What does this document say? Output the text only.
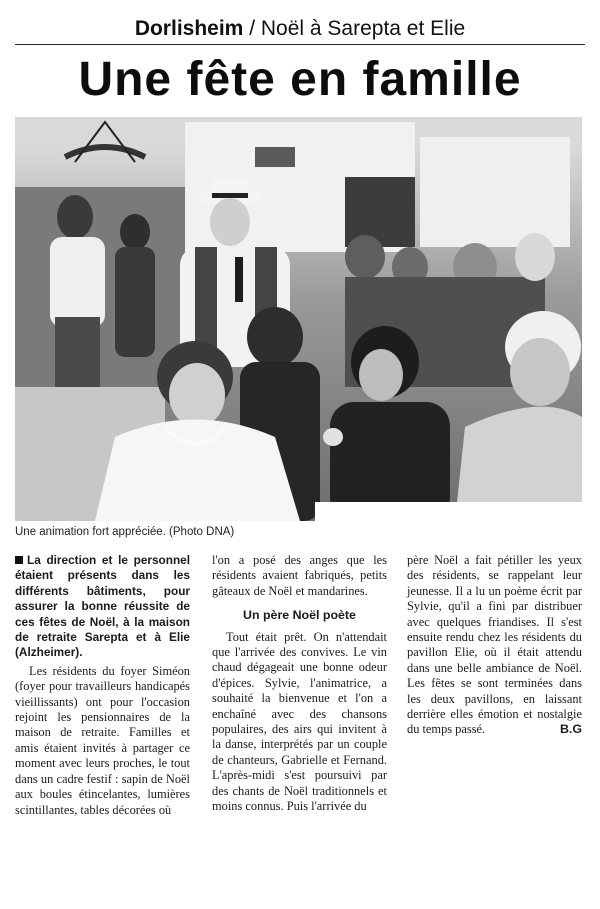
Dorlisheim / Noël à Sarepta et Elie
Une fête en famille
Une animation fort appréciée. (Photo DNA)

La direction et le personnel étaient présents dans les différents bâtiments, pour assurer la bonne réussite de ces fêtes de Noël, à la maison de retraite Sarepta et à Elie (Alzheimer).

Les résidents du foyer Siméon (foyer pour travailleurs handicapés vieillissants) ont pour l'occasion rejoint les pensionnaires de la maison de retraite. Familles et amis étaient invités à partager ce moment avec leurs proches, le tout dans un cadre festif : sapin de Noël aux boules étincelantes, lumières scintillantes, tables décorées où

l'on a posé des anges que les résidents avaient fabriqués, petits gâteaux de Noël et mandarines.

Un père Noël poète

Tout était prêt. On n'attendait que l'arrivée des convives. Le vin chaud dégageait une bonne odeur d'épices. Sylvie, l'animatrice, a souhaité la bienvenue et l'on a enchaîné avec des chansons populaires, des airs qui invitent à la danse, interprétés par un couple de chanteurs, Gabrielle et Fernand. L'après-midi s'est poursuivi par des chants de Noël traditionnels et moins connus. Puis l'arrivée du

père Noël a fait pétiller les yeux des résidents, se rappelant leur jeunesse. Il a lu un poème écrit par Sylvie, qu'il a fini par distribuer avec quelques friandises. Il s'est ensuite rendu chez les résidents du pavillon Elie, où il était attendu dans une belle ambiance de Noël. Les fêtes se sont terminées dans les deux pavillons, en laissant derrière elles émotion et nostalgie du temps passé.	B.G
